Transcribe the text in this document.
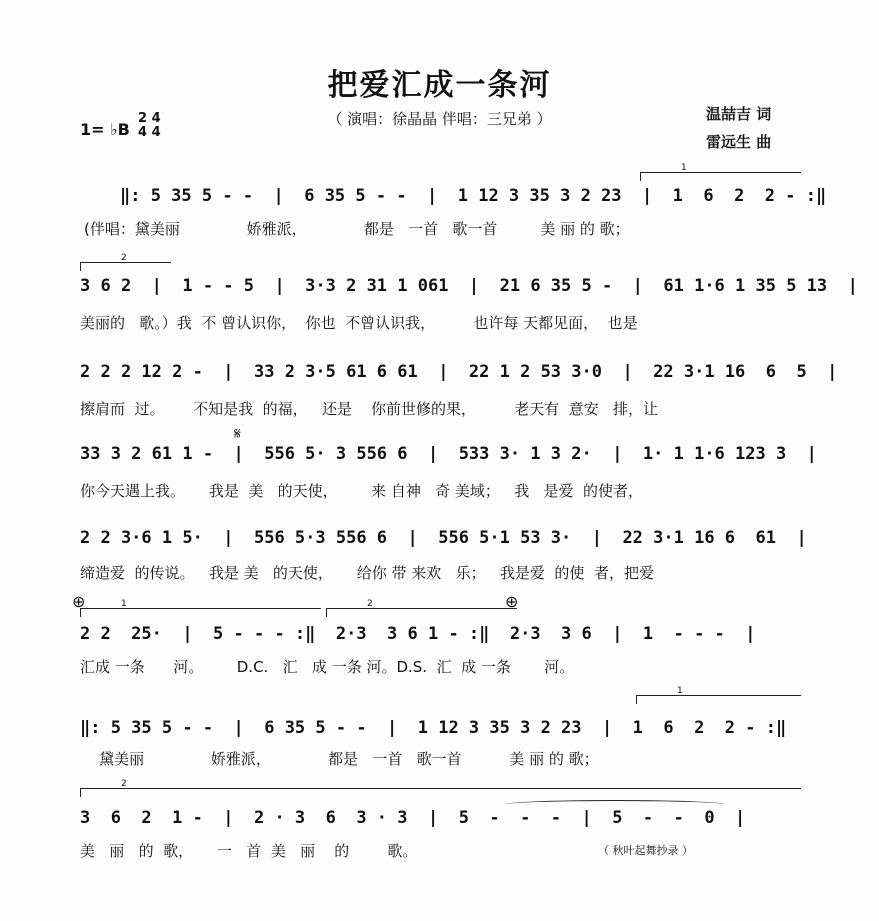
把爱汇成一条河
（ 演唱：徐晶晶 伴唱：三兄弟 ）	温喆吉 词
雷远生 曲
1= ♭B
2 4
4 4
1
2
1	2
1
2
𝄋
⊕	⊕
‖: 5 35 5 - -  |  6 35 5 - -  |  1 12 3 35 3 2 23  |  1  6  2  2 - :‖
(伴唱：黛美丽              娇雅派，            都是   一首   歌一首         美 丽 的 歌；
3 6 2  |  1 - - 5  |  3·3 2 31 1 061  |  21 6 35 5 -  |  61 1·6 1 35 5 13  |
美丽的   歌。）我  不 曾认识你，  你也  不曾认识我，        也许每 天都见面，  也是
2 2 2 12 2 -  |  33 2 3·5 61 6 61  |  22 1 2 53 3·0  |  22 3·1 16  6  5  |
擦肩而  过。      不知是我  的福，   还是    你前世修的果，        老天有  意安   排，让
33 3 2 61 1 -  |  556 5· 3 556 6  |  533 3· 1 3 2·  |  1· 1 1·6 123 3  |
你今天遇上我。     我是  美   的天使，       来 自神   奇 美域；   我   是爱  的使者，
2 2 3·6 1 5·  |  556 5·3 556 6  |  556 5·1 53 3·  |  22 3·1 16 6  61  |
缔造爱  的传说。   我是 美   的天使，     给你 带 来欢   乐；   我是爱  的使  者，把爱
2 2  25·  |  5 - - - :‖  2·3  3 6 1 - :‖  2·3  3 6  |  1  - - -  |
汇成 一条      河。       D.C.   汇   成 一条 河。D.S.  汇  成 一条       河。
‖: 5 35 5 - -  |  6 35 5 - -  |  1 12 3 35 3 2 23  |  1  6  2  2 - :‖
黛美丽              娇雅派，            都是   一首   歌一首          美 丽 的 歌；
3  6  2  1 -  |  2 · 3  6  3 · 3  |  5  -  -  -  |  5  -  -  0  |
美   丽   的  歌，     一   首  美   丽    的        歌。	（ 秋叶起舞抄录 ）
